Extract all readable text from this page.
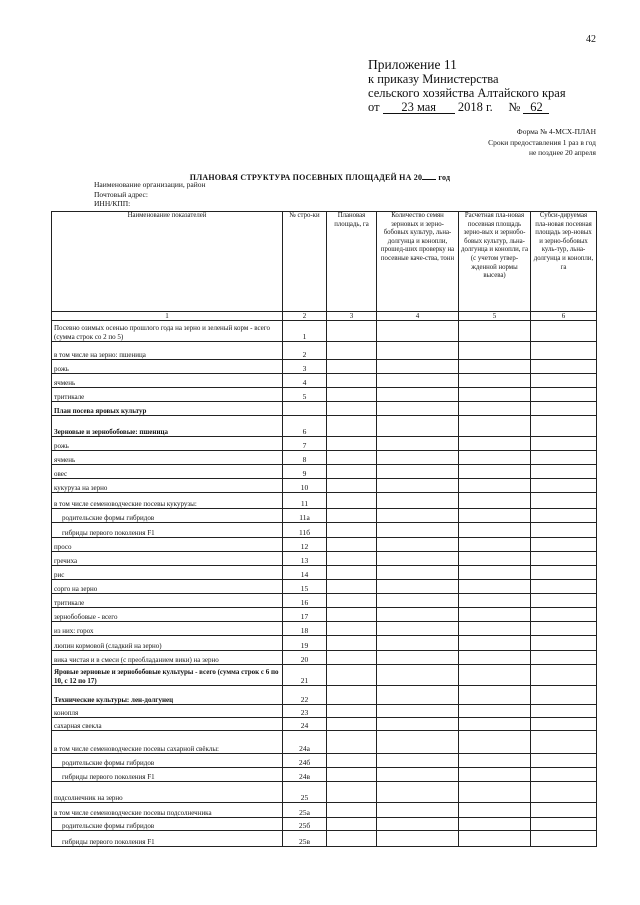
42
Приложение 11
к приказу Министерства
сельского хозяйства Алтайского края
от 23 мая 2018 г. № 62
Форма № 4-МСХ-ПЛАН
Сроки предоставления 1 раз в год
не позднее 20 апреля
ПЛАНОВАЯ СТРУКТУРА ПОСЕВНЫХ ПЛОЩАДЕЙ НА 20 год
Наименование организации, район
Почтовый адрес:
ИНН/КПП:
Наименование показателей	№ стро-ки	Плановая площадь, га	Количество семян зерновых и зерно-бобовых культур, льна-долгунца и конопли, прошед-ших проверку на посевные каче-ства, тонн	Расчетная пла-новая посевная площадь зерно-вых и зернобо-бовых культур, льна-долгунца и конопли, га (с учетом утвер-жденной нормы высева)	Субси-дируемая пла-новая посевная площадь зер-новых и зерно-бобовых куль-тур, льна-долгунца и конопли, га
1	2	3	4	5	6
Посевно озимых осенью прошлого года на зерно и зеленый корм - всего (сумма строк со 2 по 5)	1				
в том числе на зерно: пшеница	2				
рожь	3				
ячмень	4				
тритикале	5				
План посева яровых культур					
Зерновые и зернобобовые: пшеница	6				
рожь	7				
ячмень	8				
овес	9				
кукуруза на зерно	10				
в том числе семеноводческие посевы кукурузы:	11				
родительские формы гибридов	11а				
гибриды первого поколения F1	11б				
просо	12				
гречиха	13				
рис	14				
сорго на зерно	15				
тритикале	16				
зернобобовые - всего	17				
из них: горох	18				
люпин кормовой (сладкий на зерно)	19				
вика чистая и в смеси (с преобладанием вики) на зерно	20				
Яровые зерновые и зернобобовые культуры - всего (сумма строк с 6 по 10, с 12 по 17)	21				
Технические культуры: лен-долгунец	22				
конопля	23				
сахарная свекла	24				
в том числе семеноводческие посевы сахарной свёклы:	24а				
родительские формы гибридов	24б				
гибриды первого поколения F1	24в				
подсолнечник на зерно	25				
в том числе семеноводческие посевы подсолнечника	25а				
родительские формы гибридов	25б				
гибриды первого поколения F1	25в				
